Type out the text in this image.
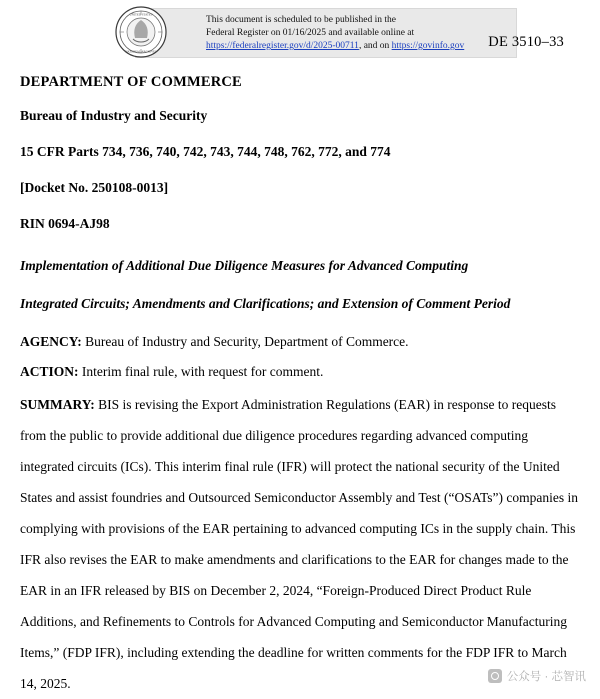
This document is scheduled to be published in the
Federal Register on 01/16/2025 and available online at
https://federalregister.gov/d/2025-00711, and on https://govinfo.gov
UNITED STATES
NATIONAL ARCHIVES
DE 3510–33
DEPARTMENT OF COMMERCE
Bureau of Industry and Security
15 CFR Parts 734, 736, 740, 742, 743, 744, 748, 762, 772, and 774
[Docket No. 250108-0013]
RIN 0694-AJ98
Implementation of Additional Due Diligence Measures for Advanced Computing
Integrated Circuits; Amendments and Clarifications; and Extension of Comment Period
AGENCY: Bureau of Industry and Security, Department of Commerce.
ACTION: Interim final rule, with request for comment.
SUMMARY: BIS is revising the Export Administration Regulations (EAR) in response to requests from the public to provide additional due diligence procedures regarding advanced computing integrated circuits (ICs). This interim final rule (IFR) will protect the national security of the United States and assist foundries and Outsourced Semiconductor Assembly and Test (“OSATs”) companies in complying with provisions of the EAR pertaining to advanced computing ICs in the supply chain. This IFR also revises the EAR to make amendments and clarifications to the EAR for changes made to the EAR in an IFR released by BIS on December 2, 2024, “Foreign-Produced Direct Product Rule Additions, and Refinements to Controls for Advanced Computing and Semiconductor Manufacturing Items,” (FDP IFR), including extending the deadline for written comments for the FDP IFR to March 14, 2025.	公众号 · 芯智讯
